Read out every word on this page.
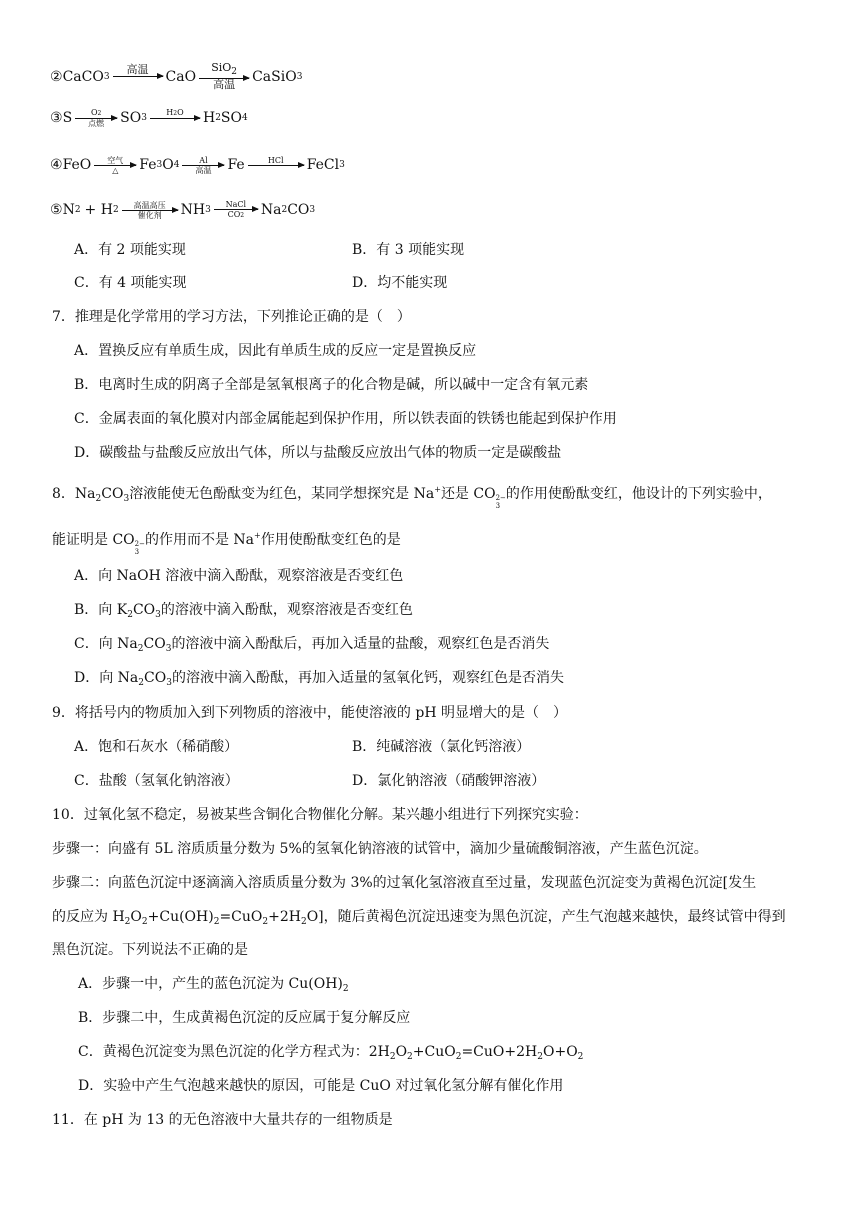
② CaCO 3
高温 CaO
SiO$_2$
高温 CaSiO 3
③ S O2
点燃 SO 3
H2O H 2 SO 4
④ FeO 空气
△ Fe 3 O 4 Al
高温 Fe	HCl FeCl 3
⑤ N 2 + H 2 高温高压
催化剂 NH 3
NaCl
CO2 Na 2 CO 3
A．有 2 项能实现	B．有 3 项能实现
C．有 4 项能实现	D．均不能实现
7．推理是化学常用的学习方法，下列推论正确的是（　）
A．置换反应有单质生成，因此有单质生成的反应一定是置换反应
B．电离时生成的阴离子全部是氢氧根离子的化合物是碱，所以碱中一定含有氧元素
C．金属表面的氧化膜对内部金属能起到保护作用，所以铁表面的铁锈也能起到保护作用
D．碳酸盐与盐酸反应放出气体，所以与盐酸反应放出气体的物质一定是碳酸盐
8．$Na_2CO_3$溶液能使无色酚酞变为红色，某同学想探究是 Na+还是 CO 2−
3
的作用使酚酞变红，他设计的下列实验中，
能证明是 CO 2−
3
的作用而不是 Na+作用使酚酞变红色的是
A．向 NaOH 溶液中滴入酚酞，观察溶液是否变红色
B．向 $K_2CO_3$的溶液中滴入酚酞，观察溶液是否变红色
C．向 $Na_2CO_3$的溶液中滴入酚酞后，再加入适量的盐酸，观察红色是否消失
D．向 $Na_2CO_3$的溶液中滴入酚酞，再加入适量的氢氧化钙，观察红色是否消失
9．将括号内的物质加入到下列物质的溶液中，能使溶液的 pH 明显增大的是（　）
A．饱和石灰水（稀硝酸）	B．纯碱溶液（氯化钙溶液）
C．盐酸（氢氧化钠溶液）	D．氯化钠溶液（硝酸钾溶液）
10．过氧化氢不稳定，易被某些含铜化合物催化分解。某兴趣小组进行下列探究实验：
步骤一：向盛有 5L 溶质质量分数为 5%的氢氧化钠溶液的试管中，滴加少量硫酸铜溶液，产生蓝色沉淀。
步骤二：向蓝色沉淀中逐滴滴入溶质质量分数为 3%的过氧化氢溶液直至过量，发现蓝色沉淀变为黄褐色沉淀[发生
的反应为 $H_2O_2+Cu(OH)_2=CuO_2+2H_2O$]，随后黄褐色沉淀迅速变为黑色沉淀，产生气泡越来越快，最终试管中得到
黑色沉淀。下列说法不正确的是
A．步骤一中，产生的蓝色沉淀为 $Cu(OH)_2$
B．步骤二中，生成黄褐色沉淀的反应属于复分解反应
C．黄褐色沉淀变为黑色沉淀的化学方程式为：$2H_2O_2+CuO_2=CuO+2H_2O+O_2$
D．实验中产生气泡越来越快的原因，可能是 CuO 对过氧化氢分解有催化作用
11．在 pH 为 13 的无色溶液中大量共存的一组物质是
